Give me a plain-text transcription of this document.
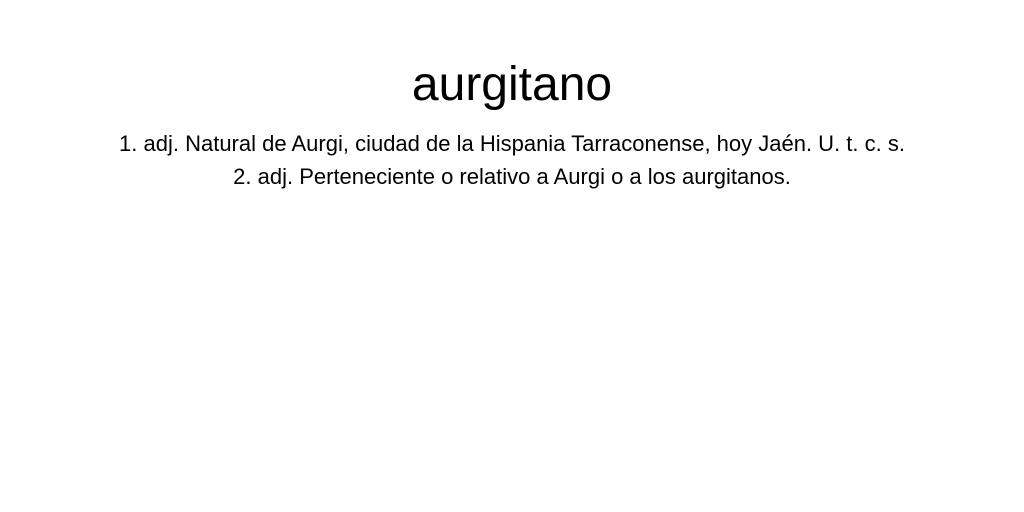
aurgitano
1. adj. Natural de Aurgi, ciudad de la Hispania Tarraconense, hoy Jaén. U. t. c. s.
2. adj. Perteneciente o relativo a Aurgi o a los aurgitanos.
